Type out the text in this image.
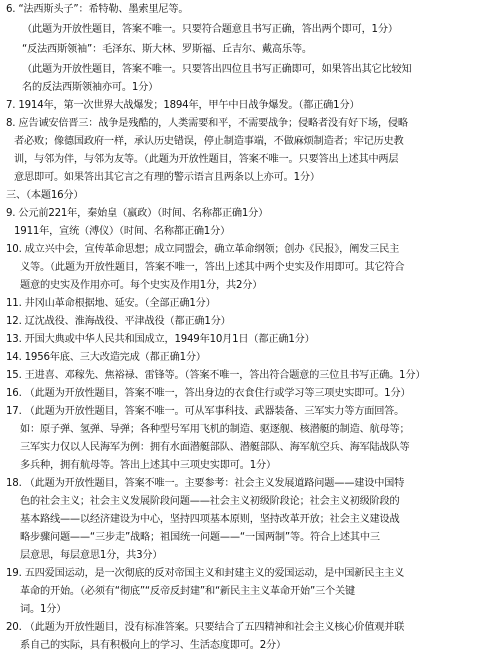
6. “法西斯头子”：希特勒、墨索里尼等。
（此题为开放性题目，答案不唯一。只要符合题意且书写正确，答出两个即可，1分）
“反法西斯领袖”：毛泽东、斯大林、罗斯福、丘吉尔、戴高乐等。
（此题为开放性题目，答案不唯一。只要答出四位且书写正确即可，如果答出其它比较知
名的反法西斯领袖亦可。1分）
7. 1914年，第一次世界大战爆发；1894年，甲午中日战争爆发。（都正确1分）
8. 应告诫安倍晋三：战争是残酷的，人类需要和平，不需要战争；侵略者没有好下场，侵略
者必败；像德国政府一样，承认历史错误，停止制造事端，不做麻烦制造者；牢记历史教
训，与邻为伴，与邻为友等。（此题为开放性题目，答案不唯一。只要答出上述其中两层
意思即可。如果答出其它言之有理的警示语言且两条以上亦可。1分）
三、（本题16分）
9. 公元前221年，秦始皇（嬴政）（时间、名称都正确1分）
1911年，宣统（溥仪）（时间、名称都正确1分）
10. 成立兴中会，宣传革命思想；成立同盟会，确立革命纲领；创办《民报》，阐发三民主
义等。（此题为开放性题目，答案不唯一，答出上述其中两个史实及作用即可。其它符合
题意的史实及作用亦可。每个史实及作用1分，共2分）
11. 井冈山革命根据地、延安。（全部正确1分）
12. 辽沈战役、淮海战役、平津战役（都正确1分）
13. 开国大典或中华人民共和国成立，1949年10月1日（都正确1分）
14. 1956年底、三大改造完成（都正确1分）
15. 王进喜、邓稼先、焦裕禄、雷锋等。（答案不唯一，答出符合题意的三位且书写正确。1分）
16. （此题为开放性题目，答案不唯一，答出身边的衣食住行或学习等三项史实即可。1分）
17. （此题为开放性题目，答案不唯一。可从军事科技、武器装备、三军实力等方面回答。
如：原子弹、氢弹、导弹；各种型号军用飞机的制造、驱逐舰、核潜艇的制造、航母等；
三军实力仅以人民海军为例：拥有水面潜艇部队、潜艇部队、海军航空兵、海军陆战队等
多兵种，拥有航母等。答出上述其中三项史实即可。1分）
18. （此题为开放性题目，答案不唯一。主要参考：社会主义发展道路问题——建设中国特
色的社会主义；社会主义发展阶段问题——社会主义初级阶段论；社会主义初级阶段的
基本路线——以经济建设为中心，坚持四项基本原则，坚持改革开放；社会主义建设战
略步骤问题——“三步走”战略；祖国统一问题——“一国两制”等。符合上述其中三
层意思，每层意思1分，共3分）
19. 五四爱国运动，是一次彻底的反对帝国主义和封建主义的爱国运动，是中国新民主主义
革命的开始。（必须有“彻底”“反帝反封建”和“新民主主义革命开始”三个关键
词。1分）
20. （此题为开放性题目，没有标准答案。只要结合了五四精神和社会主义核心价值观并联
系自己的实际，具有积极向上的学习、生活态度即可。2分）
